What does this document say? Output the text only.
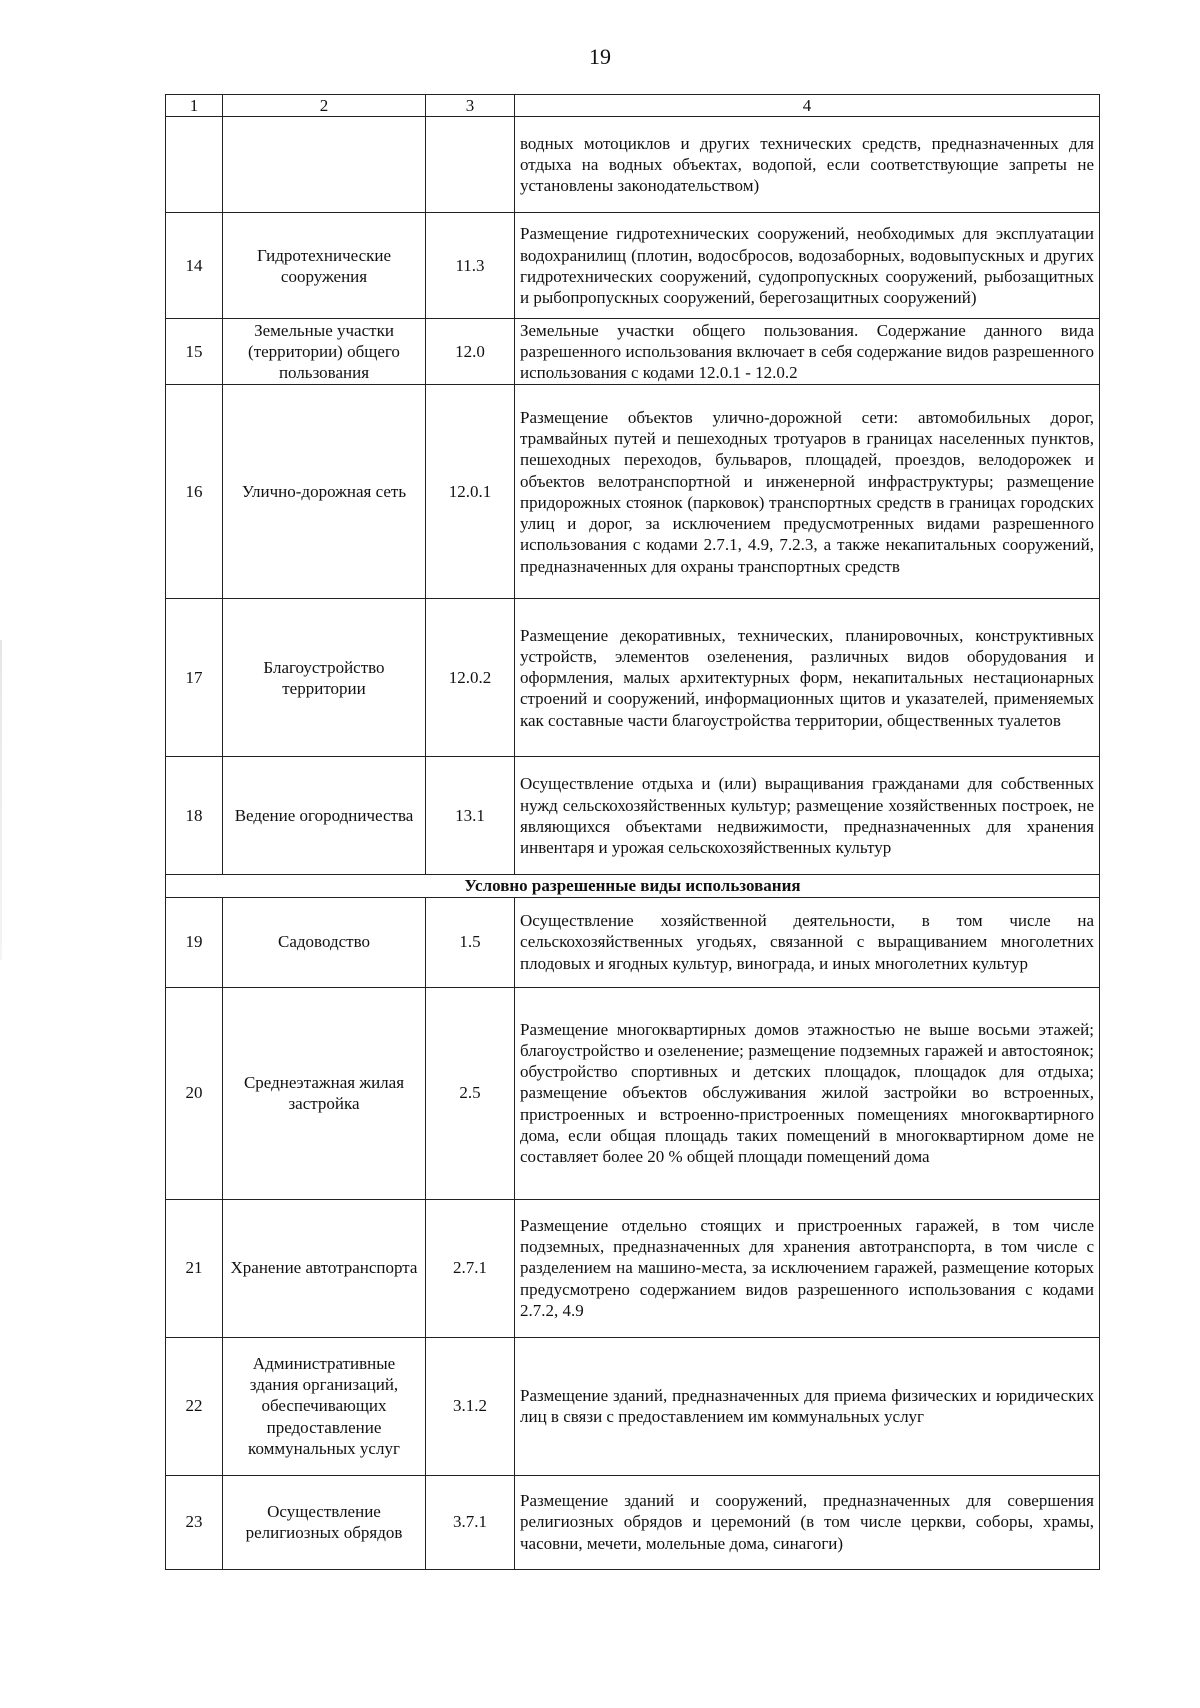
19
1	2	3	4
			водных мотоциклов и других технических средств, предназначенных для отдыха на водных объектах, водопой, если соответствующие запреты не установлены законодательством)
14	Гидротехнические сооружения	11.3	Размещение гидротехнических сооружений, необходимых для эксплуатации водохранилищ (плотин, водосбросов, водозаборных, водовыпускных и других гидротехнических сооружений, судопропускных сооружений, рыбозащитных и рыбопропускных сооружений, берегозащитных сооружений)
15	Земельные участки (территории) общего пользования	12.0	Земельные участки общего пользования. Содержание данного вида разрешенного использования включает в себя содержание видов разрешенного использования с кодами 12.0.1 - 12.0.2
16	Улично-дорожная сеть	12.0.1	Размещение объектов улично-дорожной сети: автомобильных дорог, трамвайных путей и пешеходных тротуаров в границах населенных пунктов, пешеходных переходов, бульваров, площадей, проездов, велодорожек и объектов велотранспортной и инженерной инфраструктуры; размещение придорожных стоянок (парковок) транспортных средств в границах городских улиц и дорог, за исключением предусмотренных видами разрешенного использования с кодами 2.7.1, 4.9, 7.2.3, а также некапитальных сооружений, предназначенных для охраны транспортных средств
17	Благоустройство территории	12.0.2	Размещение декоративных, технических, планировочных, конструктивных устройств, элементов озеленения, различных видов оборудования и оформления, малых архитектурных форм, некапитальных нестационарных строений и сооружений, информационных щитов и указателей, применяемых как составные части благоустройства территории, общественных туалетов
18	Ведение огородничества	13.1	Осуществление отдыха и (или) выращивания гражданами для собственных нужд сельскохозяйственных культур; размещение хозяйственных построек, не являющихся объектами недвижимости, предназначенных для хранения инвентаря и урожая сельскохозяйственных культур
Условно разрешенные виды использования			
19	Садоводство	1.5	Осуществление хозяйственной деятельности, в том числе на сельскохозяйственных угодьях, связанной с выращиванием многолетних плодовых и ягодных культур, винограда, и иных многолетних культур
20	Среднеэтажная жилая застройка	2.5	Размещение многоквартирных домов этажностью не выше восьми этажей; благоустройство и озеленение; размещение подземных гаражей и автостоянок; обустройство спортивных и детских площадок, площадок для отдыха; размещение объектов обслуживания жилой застройки во встроенных, пристроенных и встроенно-пристроенных помещениях многоквартирного дома, если общая площадь таких помещений в многоквартирном доме не составляет более 20 % общей площади помещений дома
21	Хранение автотранспорта	2.7.1	Размещение отдельно стоящих и пристроенных гаражей, в том числе подземных, предназначенных для хранения автотранспорта, в том числе с разделением на машино-места, за исключением гаражей, размещение которых предусмотрено содержанием видов разрешенного использования с кодами 2.7.2, 4.9
22	Административные здания организаций, обеспечивающих предоставление коммунальных услуг	3.1.2	Размещение зданий, предназначенных для приема физических и юридических лиц в связи с предоставлением им коммунальных услуг
23	Осуществление религиозных обрядов	3.7.1	Размещение зданий и сооружений, предназначенных для совершения религиозных обрядов и церемоний (в том числе церкви, соборы, храмы, часовни, мечети, молельные дома, синагоги)
